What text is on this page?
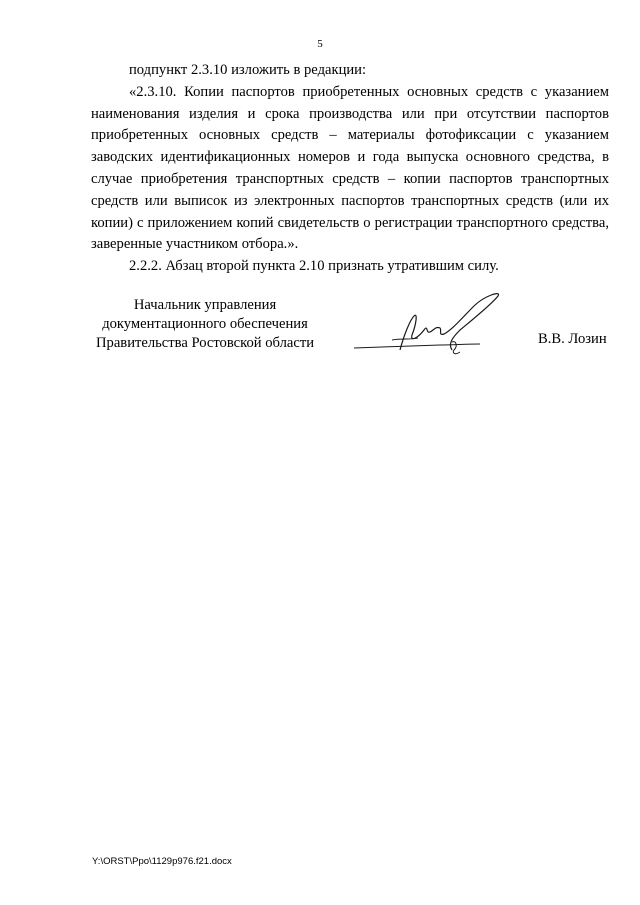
5

подпункт 2.3.10 изложить в редакции:

«2.3.10. Копии паспортов приобретенных основных средств с указанием наименования изделия и срока производства или при отсутствии паспортов приобретенных основных средств – материалы фотофиксации с указанием заводских идентификационных номеров и года выпуска основного средства, в случае приобретения транспортных средств – копии паспортов транспортных средств или выписок из электронных паспортов транспортных средств (или их копии) с приложением копий свидетельств о регистрации транспортного средства, заверенные участником отбора.».

2.2.2. Абзац второй пункта 2.10 признать утратившим силу.

Начальник управления
документационного обеспечения
Правительства Ростовской области	В.В. Лозин
Y:\ORST\Ppo\1129p976.f21.docx
